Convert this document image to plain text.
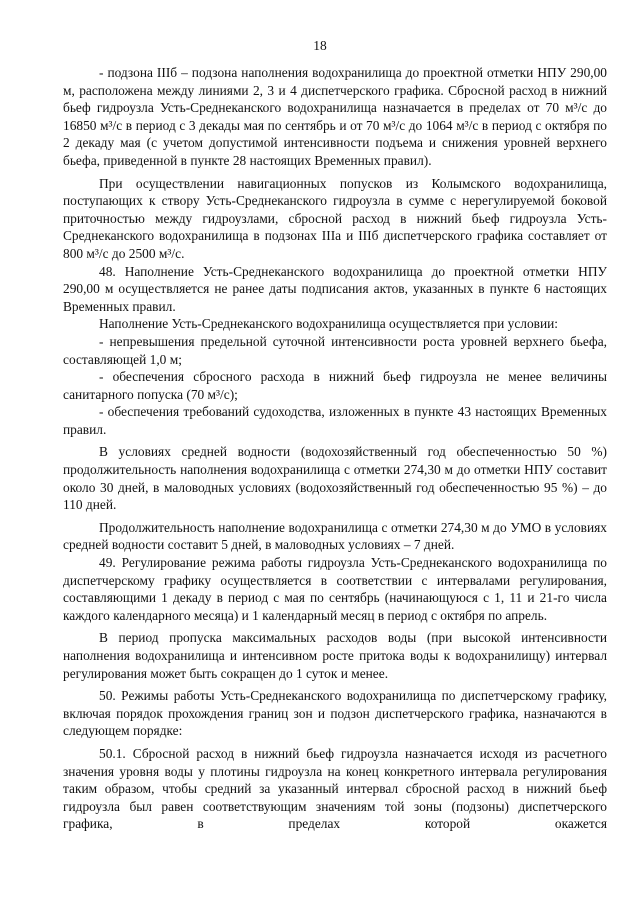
18

- подзона IIIб – подзона наполнения водохранилища до проектной отметки НПУ 290,00 м, расположена между линиями 2, 3 и 4 диспетчерского графика. Сбросной расход в нижний бьеф гидроузла Усть-Среднеканского водохранилища назначается в пределах от 70 м³/с до 16850 м³/с в период с 3 декады мая по сентябрь и от 70 м³/с до 1064 м³/с в период с октября по 2 декаду мая (с учетом допустимой интенсивности подъема и снижения уровней верхнего бьефа, приведенной в пункте 28 настоящих Временных правил).

При осуществлении навигационных попусков из Колымского водохранилища, поступающих к створу Усть-Среднеканского гидроузла в сумме с нерегулируемой боковой приточностью между гидроузлами, сбросной расход в нижний бьеф гидроузла Усть-Среднеканского водохранилища в подзонах IIIа и IIIб диспетчерского графика составляет от 800 м³/с до 2500 м³/с.

48. Наполнение Усть-Среднеканского водохранилища до проектной отметки НПУ 290,00 м осуществляется не ранее даты подписания актов, указанных в пункте 6 настоящих Временных правил.

Наполнение Усть-Среднеканского водохранилища осуществляется при условии:

- непревышения предельной суточной интенсивности роста уровней верхнего бьефа, составляющей 1,0 м;

- обеспечения сбросного расхода в нижний бьеф гидроузла не менее величины санитарного попуска (70 м³/с);

- обеспечения требований судоходства, изложенных в пункте 43 настоящих Временных правил.

В условиях средней водности (водохозяйственный год обеспеченностью 50 %) продолжительность наполнения водохранилища с отметки 274,30 м до отметки НПУ составит около 30 дней, в маловодных условиях (водохозяйственный год обеспеченностью 95 %) – до 110 дней.

Продолжительность наполнение водохранилища с отметки 274,30 м до УМО в условиях средней водности составит 5 дней, в маловодных условиях – 7 дней.

49. Регулирование режима работы гидроузла Усть-Среднеканского водохранилища по диспетчерскому графику осуществляется в соответствии с интервалами регулирования, составляющими 1 декаду в период с мая по сентябрь (начинающуюся с 1, 11 и 21-го числа каждого календарного месяца) и 1 календарный месяц в период с октября по апрель.

В период пропуска максимальных расходов воды (при высокой интенсивности наполнения водохранилища и интенсивном росте притока воды к водохранилищу) интервал регулирования может быть сокращен до 1 суток и менее.

50. Режимы работы Усть-Среднеканского водохранилища по диспетчерскому графику, включая порядок прохождения границ зон и подзон диспетчерского графика, назначаются в следующем порядке:

50.1. Сбросной расход в нижний бьеф гидроузла назначается исходя из расчетного значения уровня воды у плотины гидроузла на конец конкретного интервала регулирования таким образом, чтобы средний за указанный интервал сбросной расход в нижний бьеф гидроузла был равен соответствующим значениям той зоны (подзоны) диспетчерского графика, в пределах которой окажется
